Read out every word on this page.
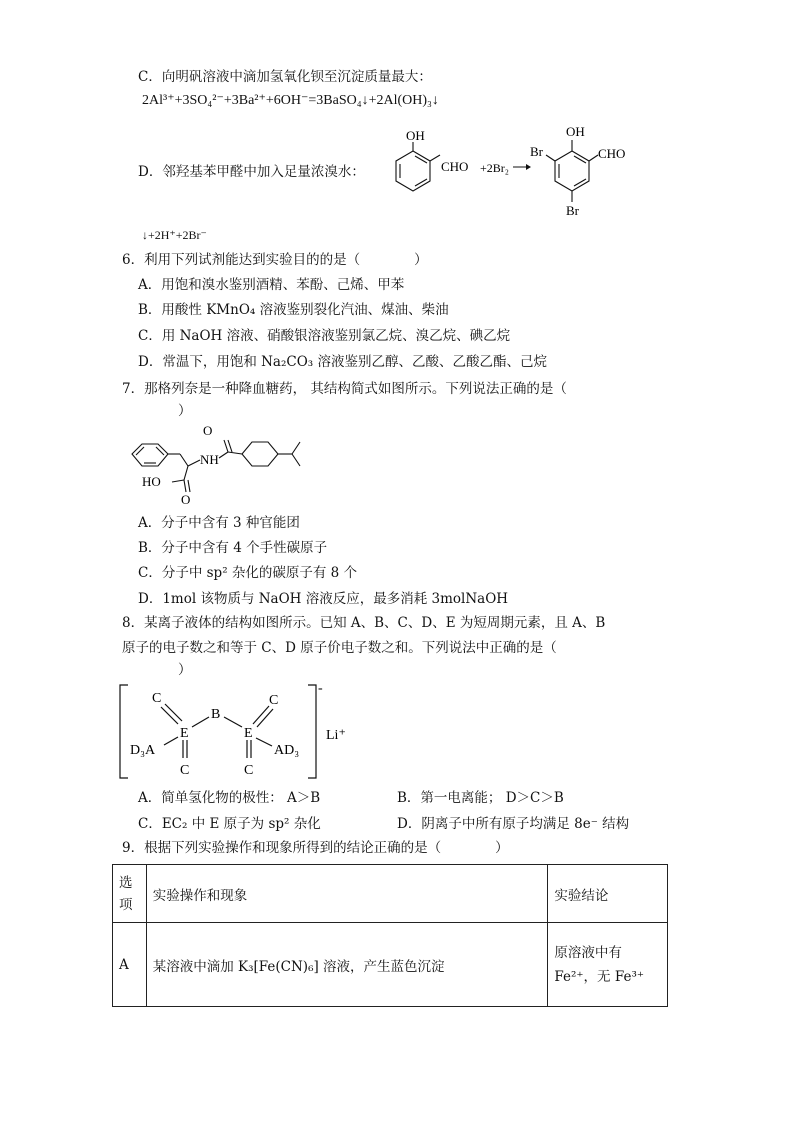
C．向明矾溶液中滴加氢氧化钡至沉淀质量最大：
2Al³⁺+3SO₄²⁻+3Ba²⁺+6OH⁻=3BaSO₄↓+2Al(OH)₃↓
D．邻羟基苯甲醛中加入足量浓溴水：
OH
CHO +2Br₂
OH
Br	CHO
Br
↓+2H⁺+2Br⁻
6．利用下列试剂能达到实验目的的是（　　　　）
A．用饱和溴水鉴别酒精、苯酚、己烯、甲苯
B．用酸性 KMnO₄ 溶液鉴别裂化汽油、煤油、柴油
C．用 NaOH 溶液、硝酸银溶液鉴别氯乙烷、溴乙烷、碘乙烷
D．常温下，用饱和 Na₂CO₃ 溶液鉴别乙醇、乙酸、乙酸乙酯、己烷
7．那格列奈是一种降血糖药， 其结构简式如图所示。下列说法正确的是（
）
O
NH
HO
O
A．分子中含有 3 种官能团
B．分子中含有 4 个手性碳原子
C．分子中 sp² 杂化的碳原子有 8 个
D．1mol 该物质与 NaOH 溶液反应，最多消耗 3molNaOH
8．某离子液体的结构如图所示。已知 A、B、C、D、E 为短周期元素，且 A、B
原子的电子数之和等于 C、D 原子价电子数之和。下列说法中正确的是（
）
C
E
B
C
E
D₃A	AD₃
C	C
-
Li⁺
A．简单氢化物的极性： A＞B	B．第一电离能； D＞C＞B
C．EC₂ 中 E 原子为 sp² 杂化	D．阴离子中所有原子均满足 8e⁻ 结构
9．根据下列实验操作和现象所得到的结论正确的是（　　　　）
选项	实验操作和现象	实验结论
A	某溶液中滴加 K₃[Fe(CN)₆] 溶液，产生蓝色沉淀	原溶液中有 Fe²⁺，无 Fe³⁺
